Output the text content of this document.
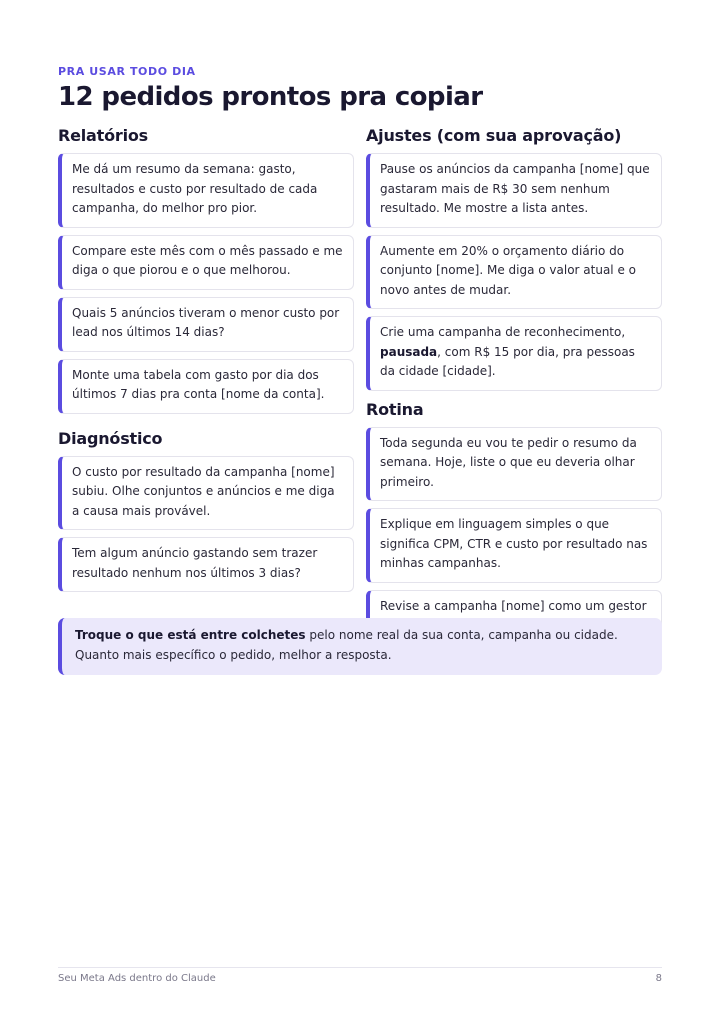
PRA USAR TODO DIA
12 pedidos prontos pra copiar
Relatórios
Me dá um resumo da semana: gasto, resultados e custo por resultado de cada campanha, do melhor pro pior.
Compare este mês com o mês passado e me diga o que piorou e o que melhorou.
Quais 5 anúncios tiveram o menor custo por lead nos últimos 14 dias?
Monte uma tabela com gasto por dia dos últimos 7 dias pra conta [nome da conta].
Diagnóstico
O custo por resultado da campanha [nome] subiu. Olhe conjuntos e anúncios e me diga a causa mais provável.
Tem algum anúncio gastando sem trazer resultado nenhum nos últimos 3 dias?
Ajustes (com sua aprovação)
Pause os anúncios da campanha [nome] que gastaram mais de R$ 30 sem nenhum resultado. Me mostre a lista antes.
Aumente em 20% o orçamento diário do conjunto [nome]. Me diga o valor atual e o novo antes de mudar.
Crie uma campanha de reconhecimento, pausada, com R$ 15 por dia, pra pessoas da cidade [cidade].
Rotina
Toda segunda eu vou te pedir o resumo da semana. Hoje, liste o que eu deveria olhar primeiro.
Explique em linguagem simples o que significa CPM, CTR e custo por resultado nas minhas campanhas.
Revise a campanha [nome] como um gestor
Troque o que está entre colchetes pelo nome real da sua conta, campanha ou cidade. Quanto mais específico o pedido, melhor a resposta.
Seu Meta Ads dentro do Claude	8
